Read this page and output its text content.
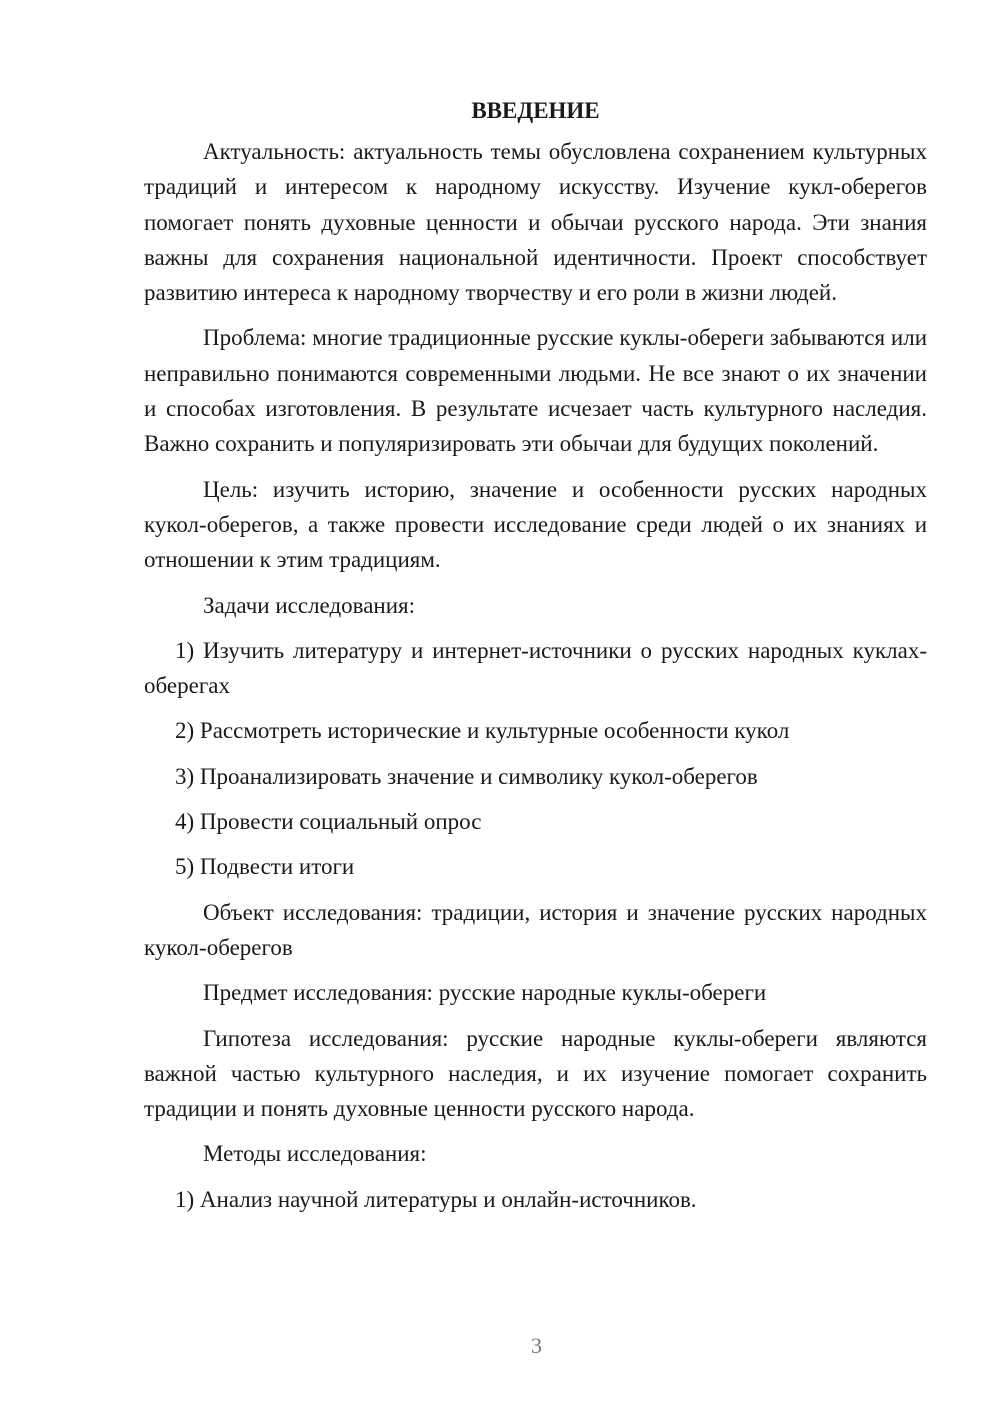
ВВЕДЕНИЕ

Актуальность: актуальность темы обусловлена сохранением культурных традиций и интересом к народному искусству. Изучение кукл-оберегов помогает понять духовные ценности и обычаи русского народа. Эти знания важны для сохранения национальной идентичности. Проект способствует развитию интереса к народному творчеству и его роли в жизни людей.

Проблема: многие традиционные русские куклы-обереги забываются или неправильно понимаются современными людьми. Не все знают о их значении и способах изготовления. В результате исчезает часть культурного наследия. Важно сохранить и популяризировать эти обычаи для будущих поколений.

Цель: изучить историю, значение и особенности русских народных кукол-оберегов, а также провести исследование среди людей о их знаниях и отношении к этим традициям.

Задачи исследования:

1) Изучить литературу и интернет-источники о русских народных куклах-оберегах

2) Рассмотреть исторические и культурные особенности кукол

3) Проанализировать значение и символику кукол-оберегов

4) Провести социальный опрос

5) Подвести итоги

Объект исследования: традиции, история и значение русских народных кукол-оберегов

Предмет исследования: русские народные куклы-обереги

Гипотеза исследования: русские народные куклы-обереги являются важной частью культурного наследия, и их изучение помогает сохранить традиции и понять духовные ценности русского народа.

Методы исследования:

1) Анализ научной литературы и онлайн-источников.

3
